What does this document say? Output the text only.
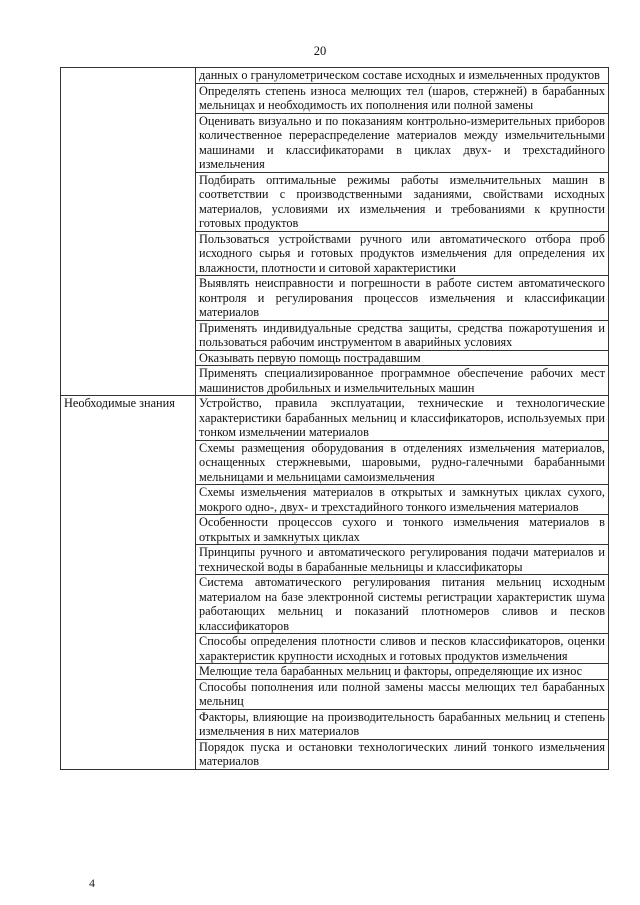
20
	данных о гранулометрическом составе исходных и измельченных продуктов
	Определять степень износа мелющих тел (шаров, стержней) в барабанных мельницах и необходимость их пополнения или полной замены
	Оценивать визуально и по показаниям контрольно-измерительных приборов количественное перераспределение материалов между измельчительными машинами и классификаторами в циклах двух- и трехстадийного измельчения
	Подбирать оптимальные режимы работы измельчительных машин в соответствии с производственными заданиями, свойствами исходных материалов, условиями их измельчения и требованиями к крупности готовых продуктов
	Пользоваться устройствами ручного или автоматического отбора проб исходного сырья и готовых продуктов измельчения для определения их влажности, плотности и ситовой характеристики
	Выявлять неисправности и погрешности в работе систем автоматического контроля и регулирования процессов измельчения и классификации материалов
	Применять индивидуальные средства защиты, средства пожаротушения и пользоваться рабочим инструментом в аварийных условиях
	Оказывать первую помощь пострадавшим
	Применять специализированное программное обеспечение рабочих мест машинистов дробильных и измельчительных машин
Необходимые знания	Устройство, правила эксплуатации, технические и технологические характеристики барабанных мельниц и классификаторов, используемых при тонком измельчении материалов
	Схемы размещения оборудования в отделениях измельчения материалов, оснащенных стержневыми, шаровыми, рудно-галечными барабанными мельницами и мельницами самоизмельчения
	Схемы измельчения материалов в открытых и замкнутых циклах сухого, мокрого одно-, двух- и трехстадийного тонкого измельчения материалов
	Особенности процессов сухого и тонкого измельчения материалов в открытых и замкнутых циклах
	Принципы ручного и автоматического регулирования подачи материалов и технической воды в барабанные мельницы и классификаторы
	Система автоматического регулирования питания мельниц исходным материалом на базе электронной системы регистрации характеристик шума работающих мельниц и показаний плотномеров сливов и песков классификаторов
	Способы определения плотности сливов и песков классификаторов, оценки характеристик крупности исходных и готовых продуктов измельчения
	Мелющие тела барабанных мельниц и факторы, определяющие их износ
	Способы пополнения или полной замены массы мелющих тел барабанных мельниц
	Факторы, влияющие на производительность барабанных мельниц и степень измельчения в них материалов
	Порядок пуска и остановки технологических линий тонкого измельчения материалов
4
